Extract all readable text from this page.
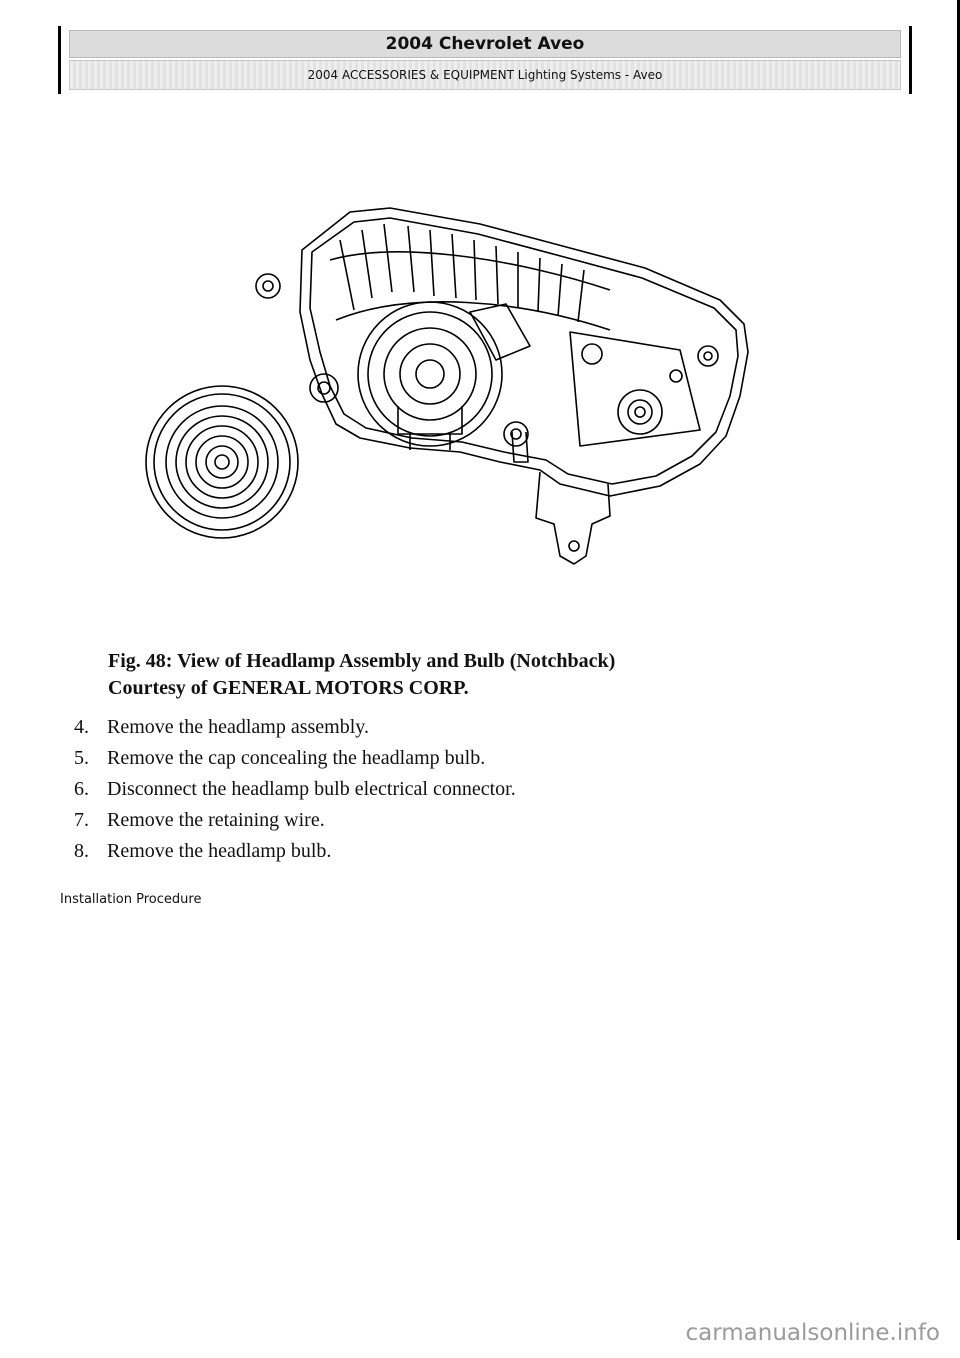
2004 Chevrolet Aveo
2004 ACCESSORIES & EQUIPMENT Lighting Systems - Aveo
Fig. 48: View of Headlamp Assembly and Bulb (Notchback)
Courtesy of GENERAL MOTORS CORP.
4. Remove the headlamp assembly.
5. Remove the cap concealing the headlamp bulb.
6. Disconnect the headlamp bulb electrical connector.
7. Remove the retaining wire.
8. Remove the headlamp bulb.
Installation Procedure
carmanualsonline.info
